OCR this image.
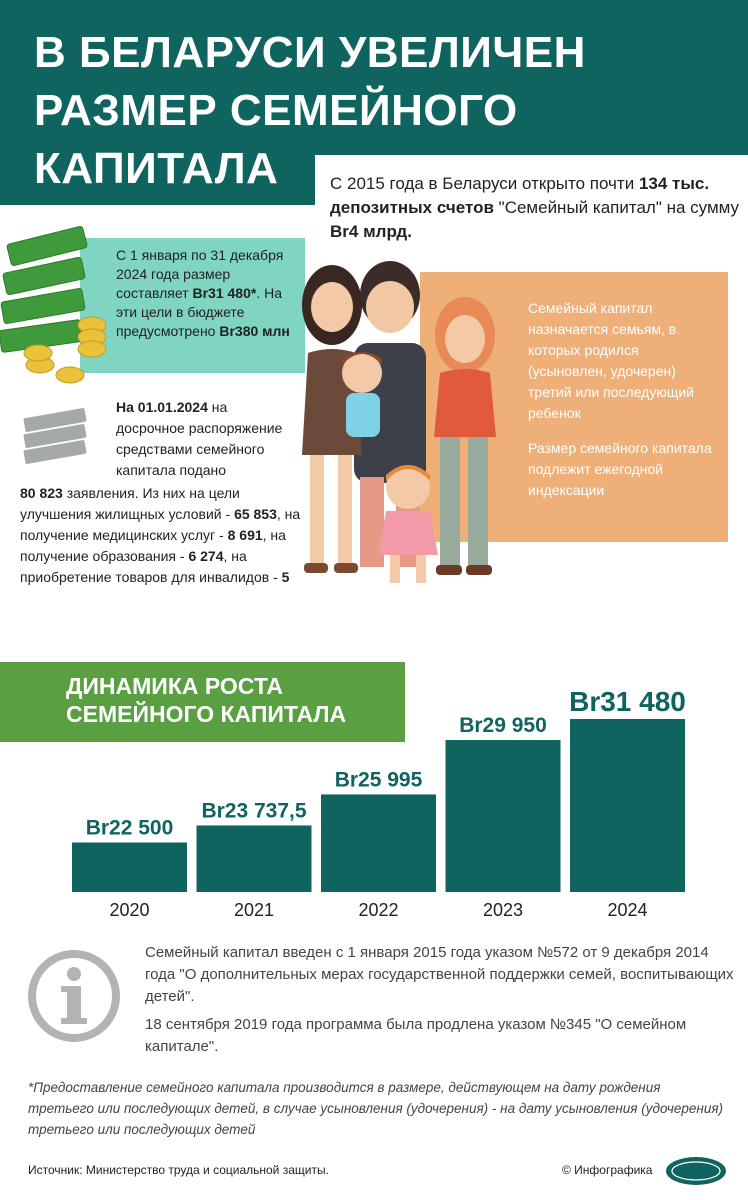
В БЕЛАРУСИ УВЕЛИЧЕН
РАЗМЕР СЕМЕЙНОГО
КАПИТАЛА	С 2015 года в Беларуси открыто почти 134 тыс. депозитных счетов "Семейный капитал" на сумму Br4 млрд.
С 1 января по 31 декабря 2024 года размер составляет Br31 480*. На эти цели в бюджете предусмотрено Br380 млн

Семейный капитал назначается семьям, в которых родился (усыновлен, удочерен) третий или последующий ребенок

Размер семейного капитала подлежит ежегодной индексации

На 01.01.2024 на досрочное распоряжение средствами семейного капитала подано
80 823 заявления. Из них на цели улучшения жилищных условий - 65 853, на получение медицинских услуг - 8 691, на получение образования - 6 274, на приобретение товаров для инвалидов - 5
ДИНАМИКА РОСТА
СЕМЕЙНОГО КАПИТАЛА
Br22 500
2020
Br23 737,5
2021
Br25 995
2022
Br29 950
2023
Br31 480
2024
Семейный капитал введен с 1 января 2015 года указом №572 от 9 декабря 2014 года "О дополнительных мерах государственной поддержки семей, воспитывающих детей".
18 сентября 2019 года программа была продлена указом №345 "О семейном капитале".
*Предоставление семейного капитала производится в размере, действующем на дату рождения третьего или последующих детей, в случае усыновления (удочерения) - на дату усыновления (удочерения) третьего или последующих детей
Источник: Министерство труда и социальной защиты.	© Инфографика
